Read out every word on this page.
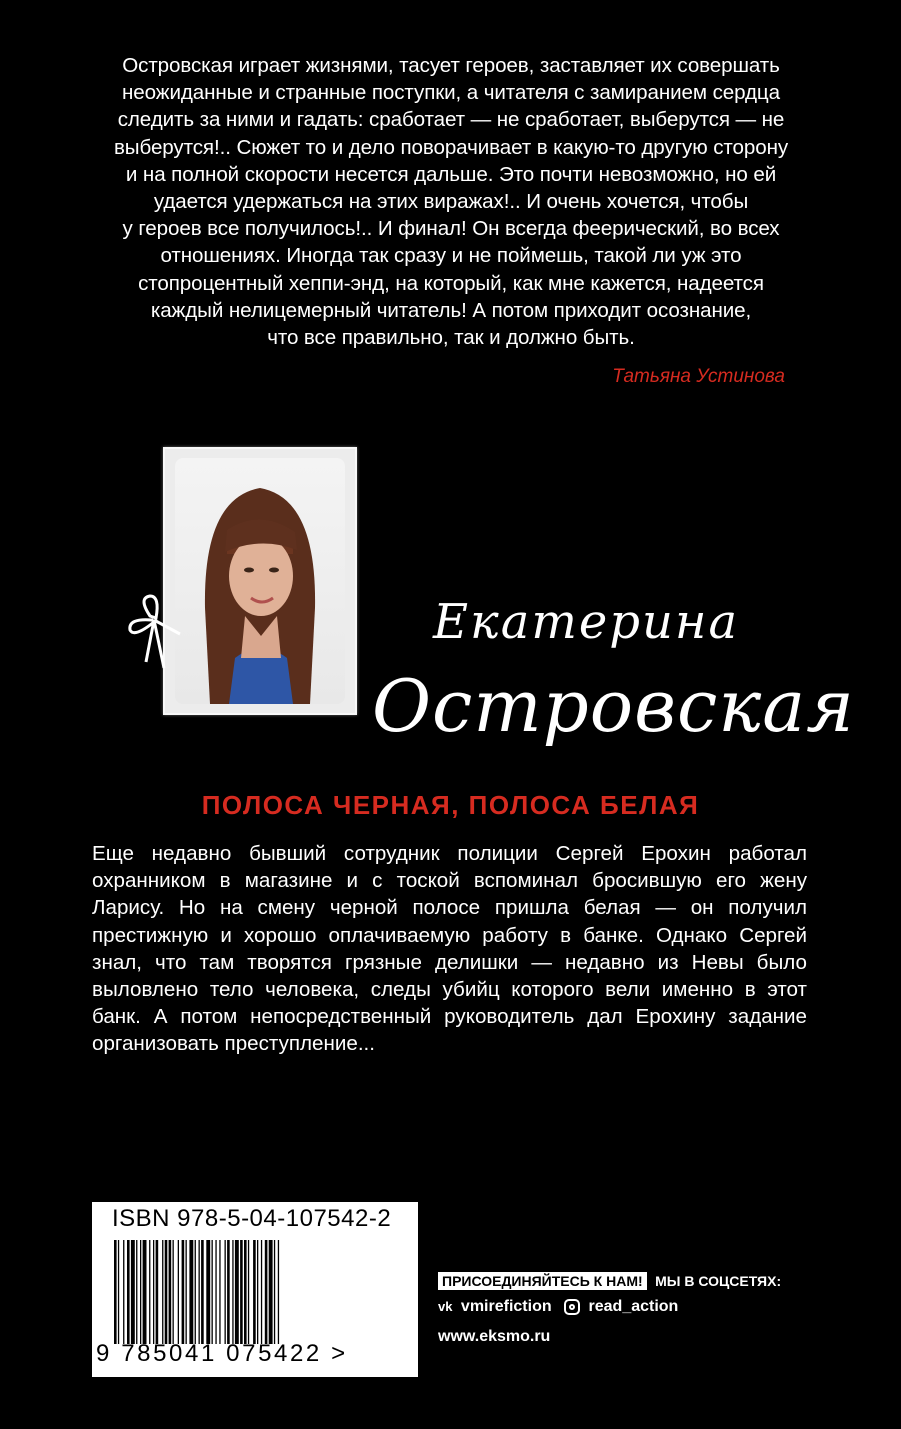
Островская играет жизнями, тасует героев, заставляет их совершать
неожиданные и странные поступки, а читателя с замиранием сердца
следить за ними и гадать: сработает — не сработает, выберутся — не
выберутся!.. Сюжет то и дело поворачивает в какую-то другую сторону
и на полной скорости несется дальше. Это почти невозможно, но ей
удается удержаться на этих виражах!.. И очень хочется, чтобы
у героев все получилось!.. И финал! Он всегда феерический, во всех
отношениях. Иногда так сразу и не поймешь, такой ли уж это
стопроцентный хеппи-энд, на который, как мне кажется, надеется
каждый нелицемерный читатель! А потом приходит осознание,
что все правильно, так и должно быть.
Татьяна Устинова
Екатерина
Островская
ПОЛОСА ЧЕРНАЯ, ПОЛОСА БЕЛАЯ

Еще недавно бывший сотрудник полиции Сергей Ерохин работал охранником в магазине и с тоской вспоминал бросившую его жену Ларису. Но на смену черной полосе пришла белая — он получил престижную и хорошо оплачиваемую работу в банке. Однако Сергей знал, что там творятся грязные делишки — недавно из Невы было выловлено тело человека, следы убийц которого вели именно в этот банк. А потом непосредственный руководитель дал Ерохину задание организовать преступление...

ISBN 978-5-04-107542-2
9 785041 075422 >
ПРИСОЕДИНЯЙТЕСЬ К НАМ! МЫ В СОЦСЕТЯХ:
vk vmirefiction read_action
www.eksmo.ru
